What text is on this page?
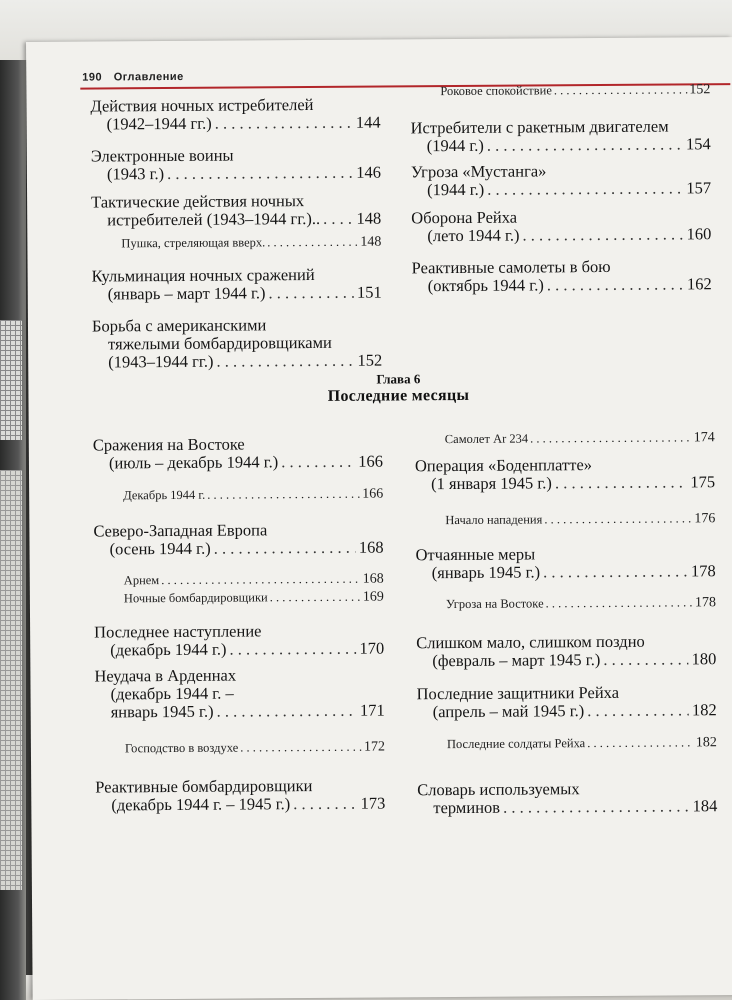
190 Оглавление
Глава 6
Последние месяцы
Действия ночных истребителей
(1942–1944 гг.) . . .	144
Электронные воины
(1943 г.) . . .	146
Тактические действия ночных
истребителей (1943–1944 гг.).. . . . 148
Пушка, стреляющая вверх. . . .	148
Кульминация ночных сражений
(январь – март 1944 г.) . . .	151
Борьба с американскими
тяжелыми бомбардировщиками
(1943–1944 гг.) . . .	152
Роковое спокойствие . . .	152
Истребители с ракетным двигателем
(1944 г.) . . .	154
Угроза «Мустанга»
(1944 г.) . . .	157
Оборона Рейха
(лето 1944 г.) . . .	160
Реактивные самолеты в бою
(октябрь 1944 г.) . . .	162
Сражения на Востоке
(июль – декабрь 1944 г.) . . .	166
Декабрь 1944 г. . . .	166
Северо-Западная Европа
(осень 1944 г.) . . .	168
Арнем . . .	168
Ночные бомбардировщики . . .	169
Последнее наступление
(декабрь 1944 г.) . . .	170
Неудача в Арденнах
(декабрь 1944 г. –
январь 1945 г.) . . .	171
Господство в воздухе . . .	172
Реактивные бомбардировщики
(декабрь 1944 г. – 1945 г.) . . .	173
Самолет Ar 234 . . .	174
Операция «Боденплатте»
(1 января 1945 г.) . . .	175
Начало нападения . . .	176
Отчаянные меры
(январь 1945 г.) . . .	178
Угроза на Востоке . . .	178
Слишком мало, слишком поздно
(февраль – март 1945 г.) . . .	180
Последние защитники Рейха
(апрель – май 1945 г.) . . .	182
Последние солдаты Рейха . . .	182
Словарь используемых
терминов . . .	184
